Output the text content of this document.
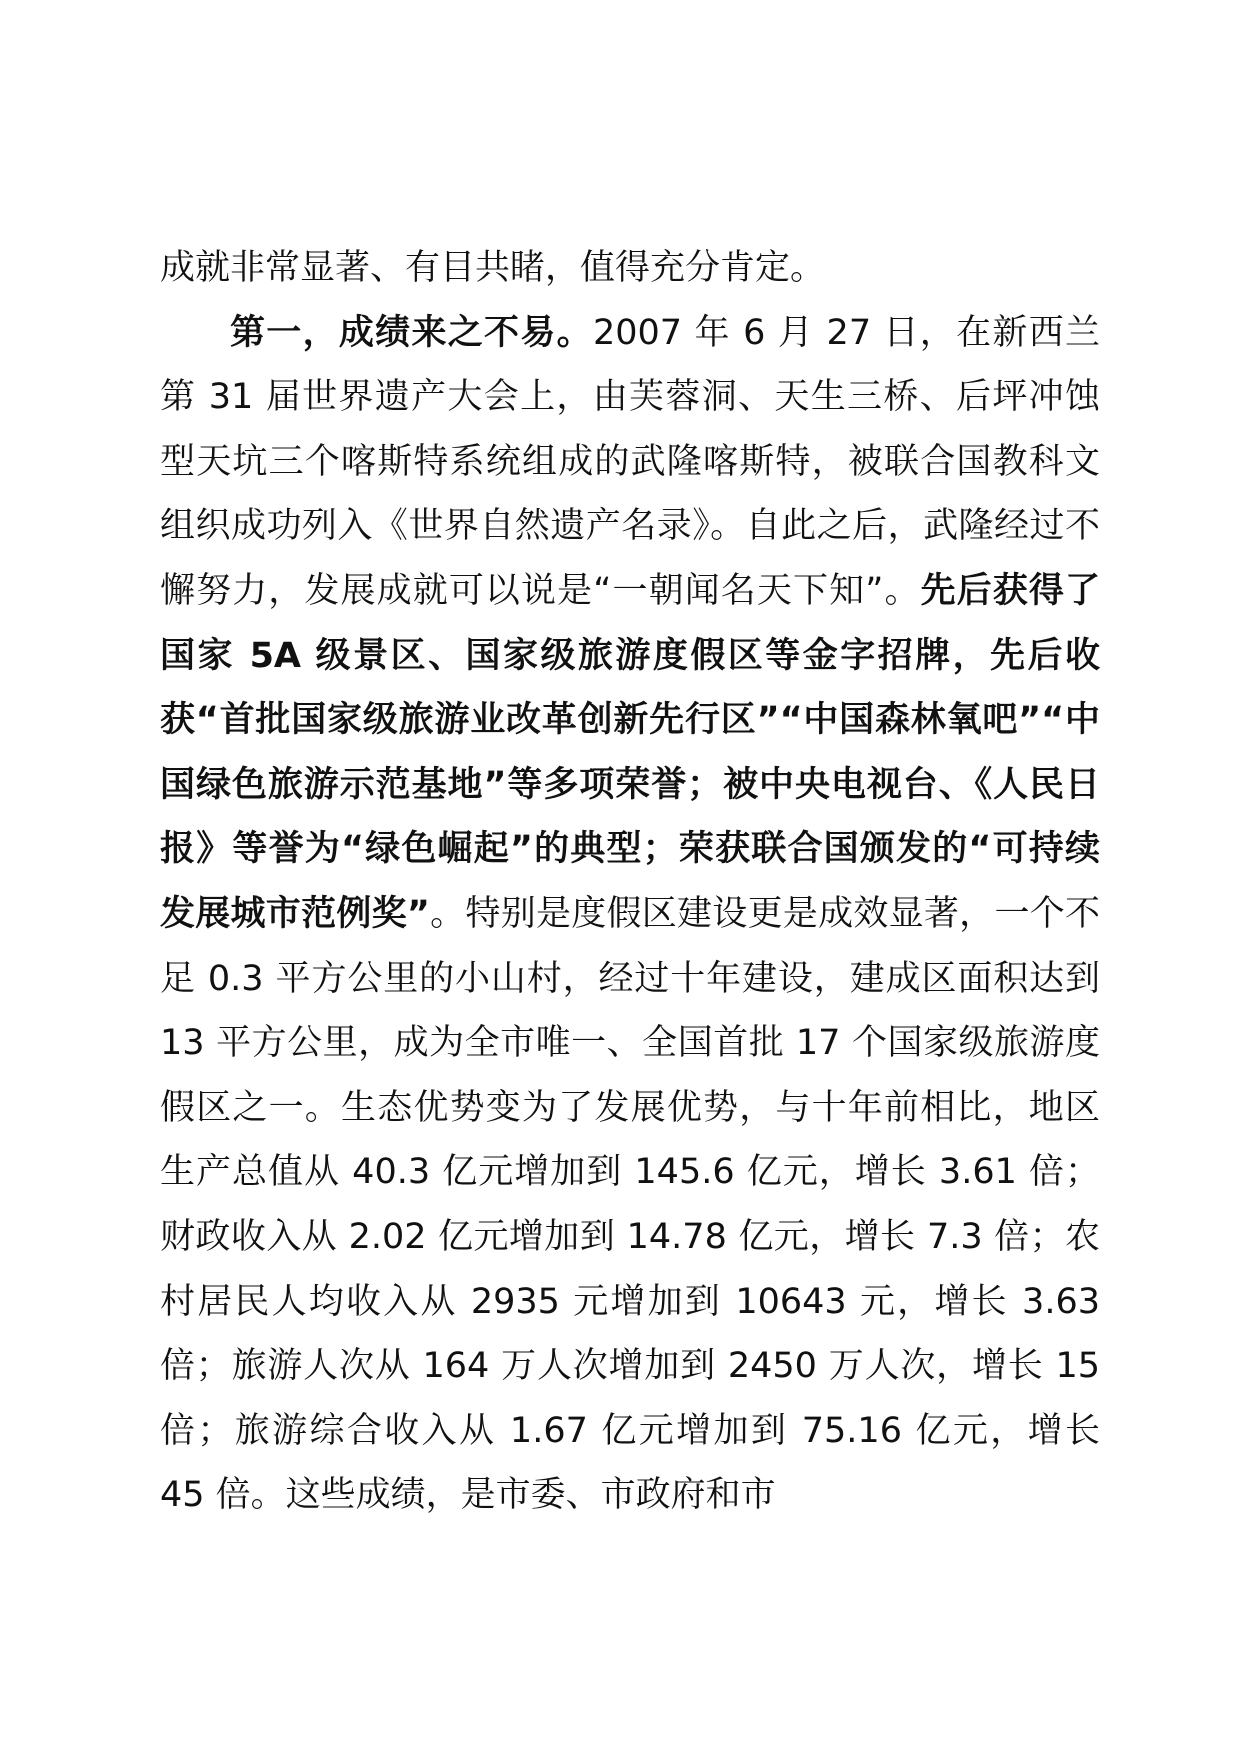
成就非常显著、有目共睹，值得充分肯定。

第一，成绩来之不易。2007 年 6 月 27 日，在新西兰第 31 届世界遗产大会上，由芙蓉洞、天生三桥、后坪冲蚀型天坑三个喀斯特系统组成的武隆喀斯特，被联合国教科文组织成功列入《世界自然遗产名录》。自此之后，武隆经过不懈努力，发展成就可以说是“一朝闻名天下知”。先后获得了国家 5A 级景区、国家级旅游度假区等金字招牌，先后收获“首批国家级旅游业改革创新先行区”“中国森林氧吧”“中国绿色旅游示范基地”等多项荣誉；被中央电视台、《人民日报》等誉为“绿色崛起”的典型；荣获联合国颁发的“可持续发展城市范例奖”。特别是度假区建设更是成效显著，一个不足 0.3 平方公里的小山村，经过十年建设，建成区面积达到 13 平方公里，成为全市唯一、全国首批 17 个国家级旅游度假区之一。生态优势变为了发展优势，与十年前相比，地区生产总值从 40.3 亿元增加到 145.6 亿元，增长 3.61 倍；财政收入从 2.02 亿元增加到 14.78 亿元，增长 7.3 倍；农村居民人均收入从 2935 元增加到 10643 元，增长 3.63 倍；旅游人次从 164 万人次增加到 2450 万人次，增长 15 倍；旅游综合收入从 1.67 亿元增加到 75.16 亿元，增长 45 倍。这些成绩，是市委、市政府和市
